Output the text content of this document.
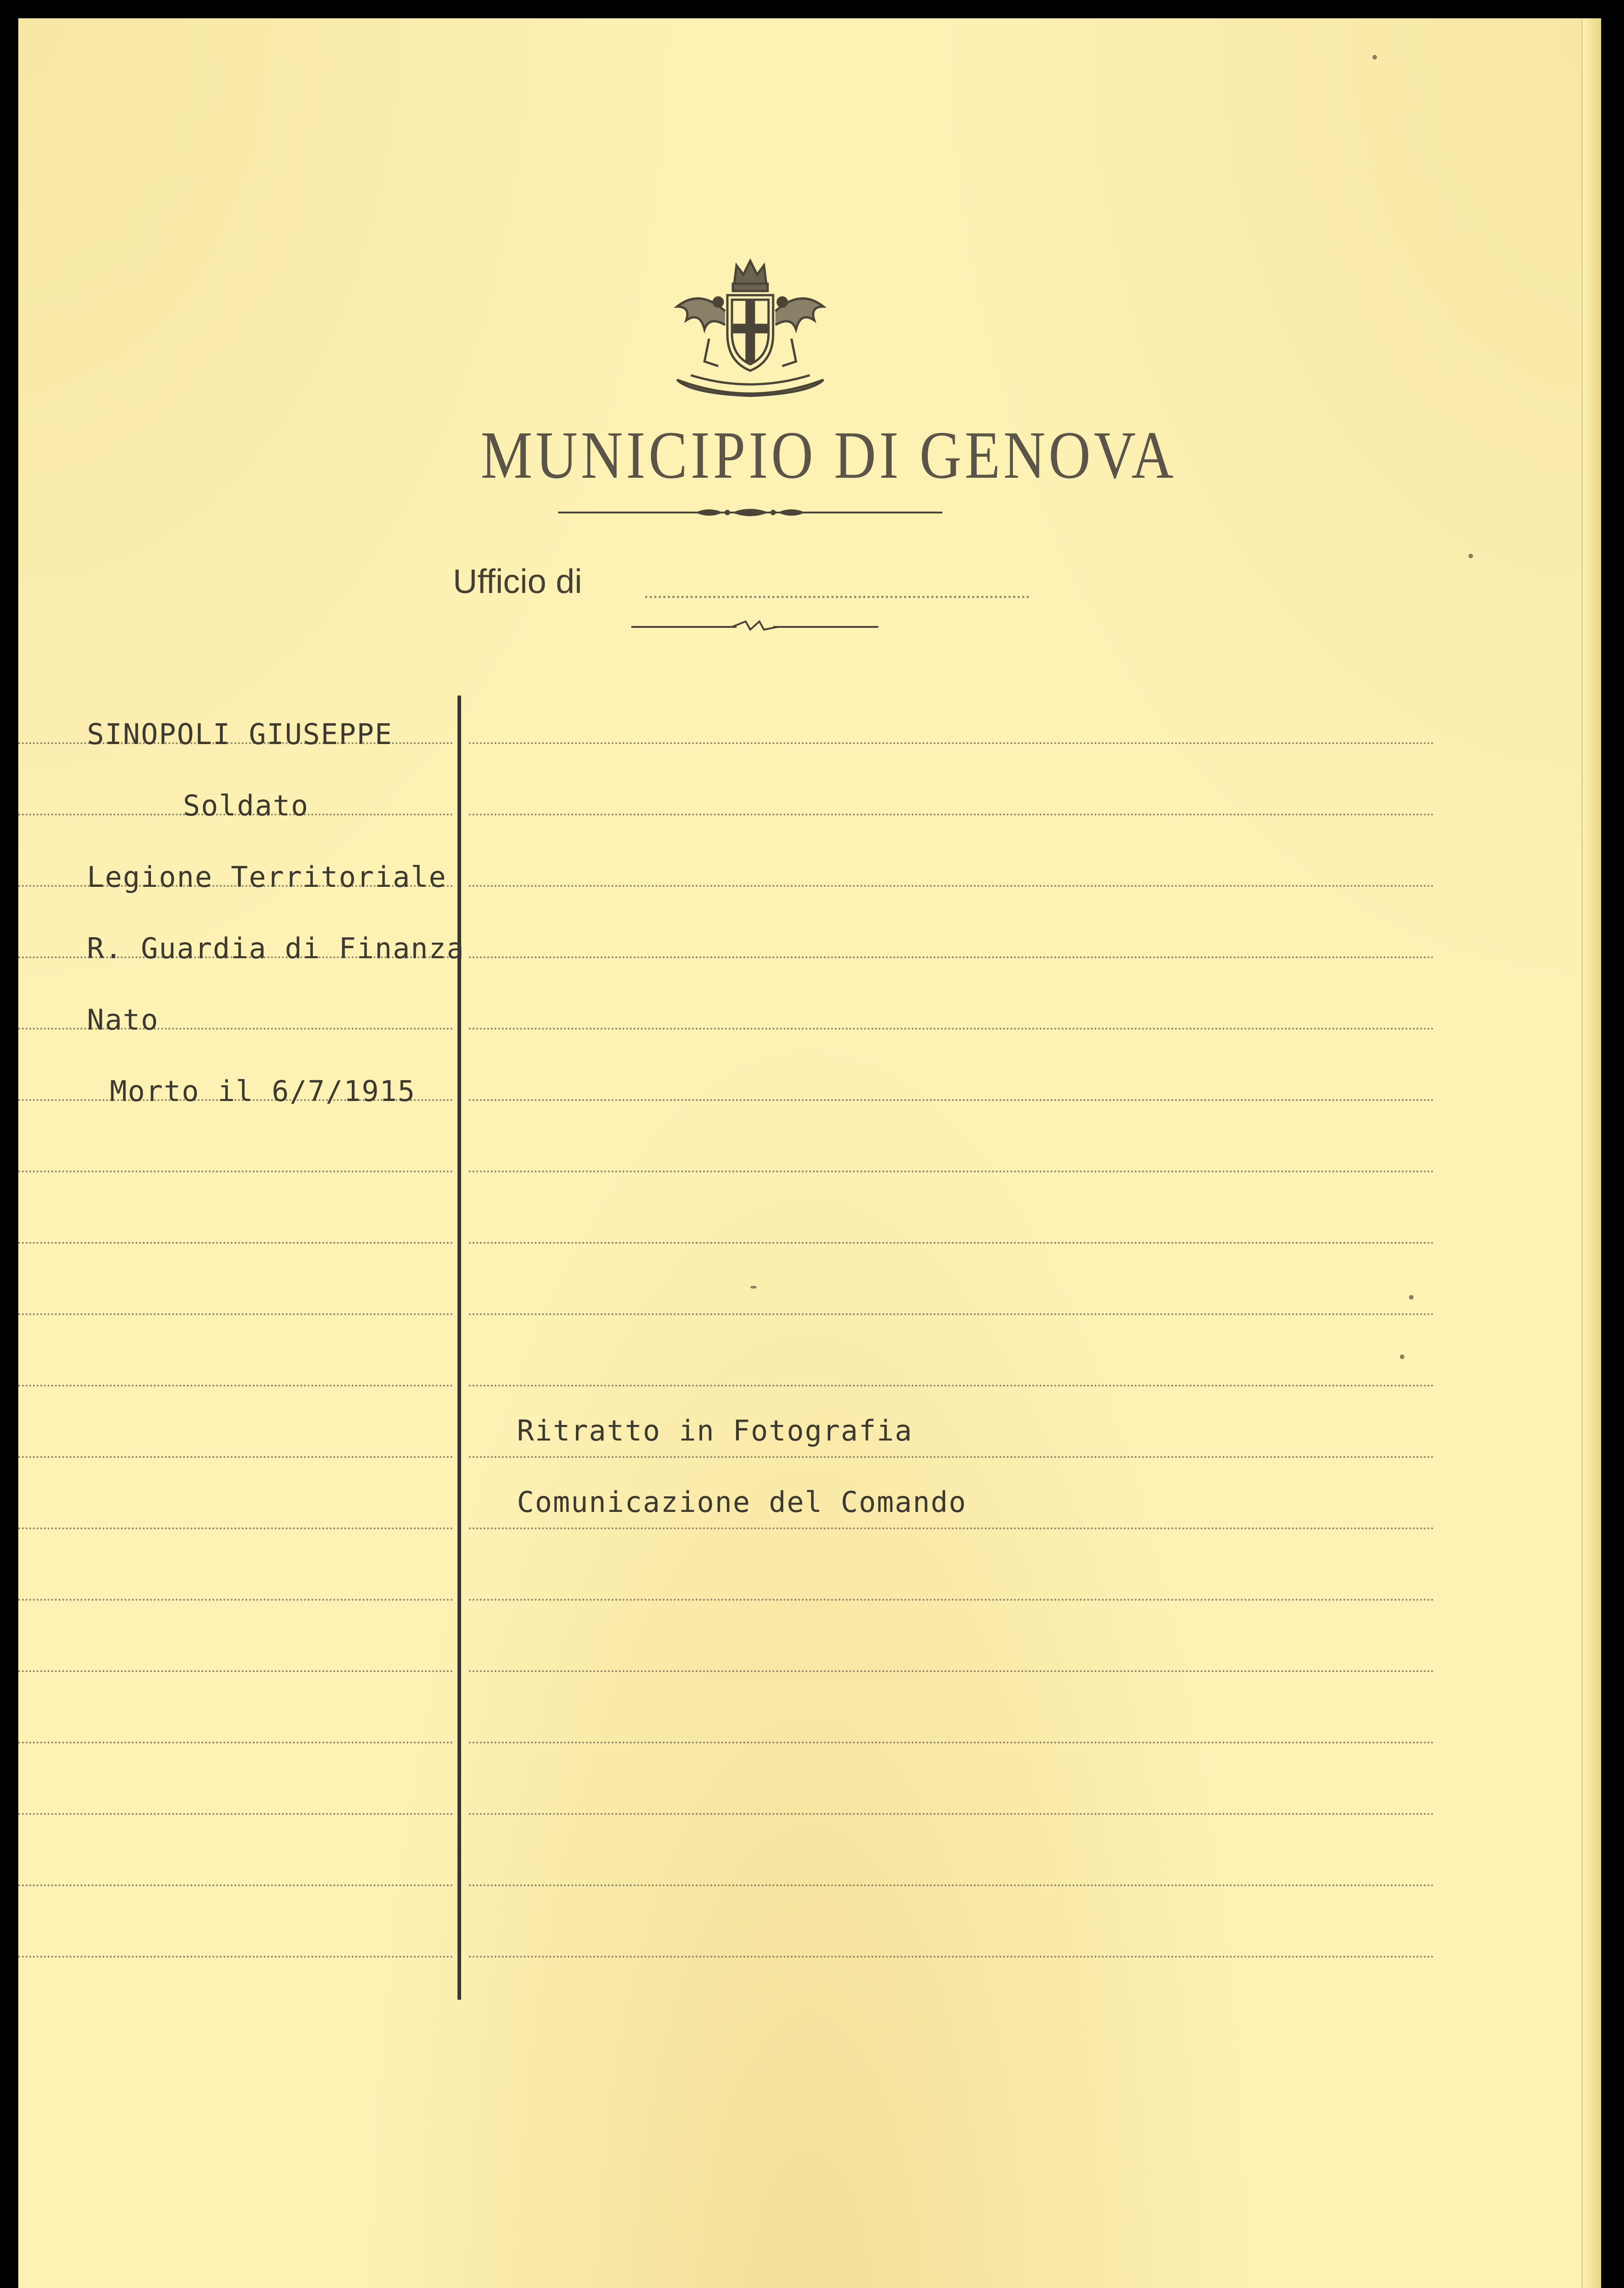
MUNICIPIO DI GENOVA
Ufficio di
SINOPOLI GIUSEPPE
Soldato
Legione Territoriale
R. Guardia di Finanza
Nato
Morto il 6/7/1915
Ritratto in Fotografia
Comunicazione del Comando
